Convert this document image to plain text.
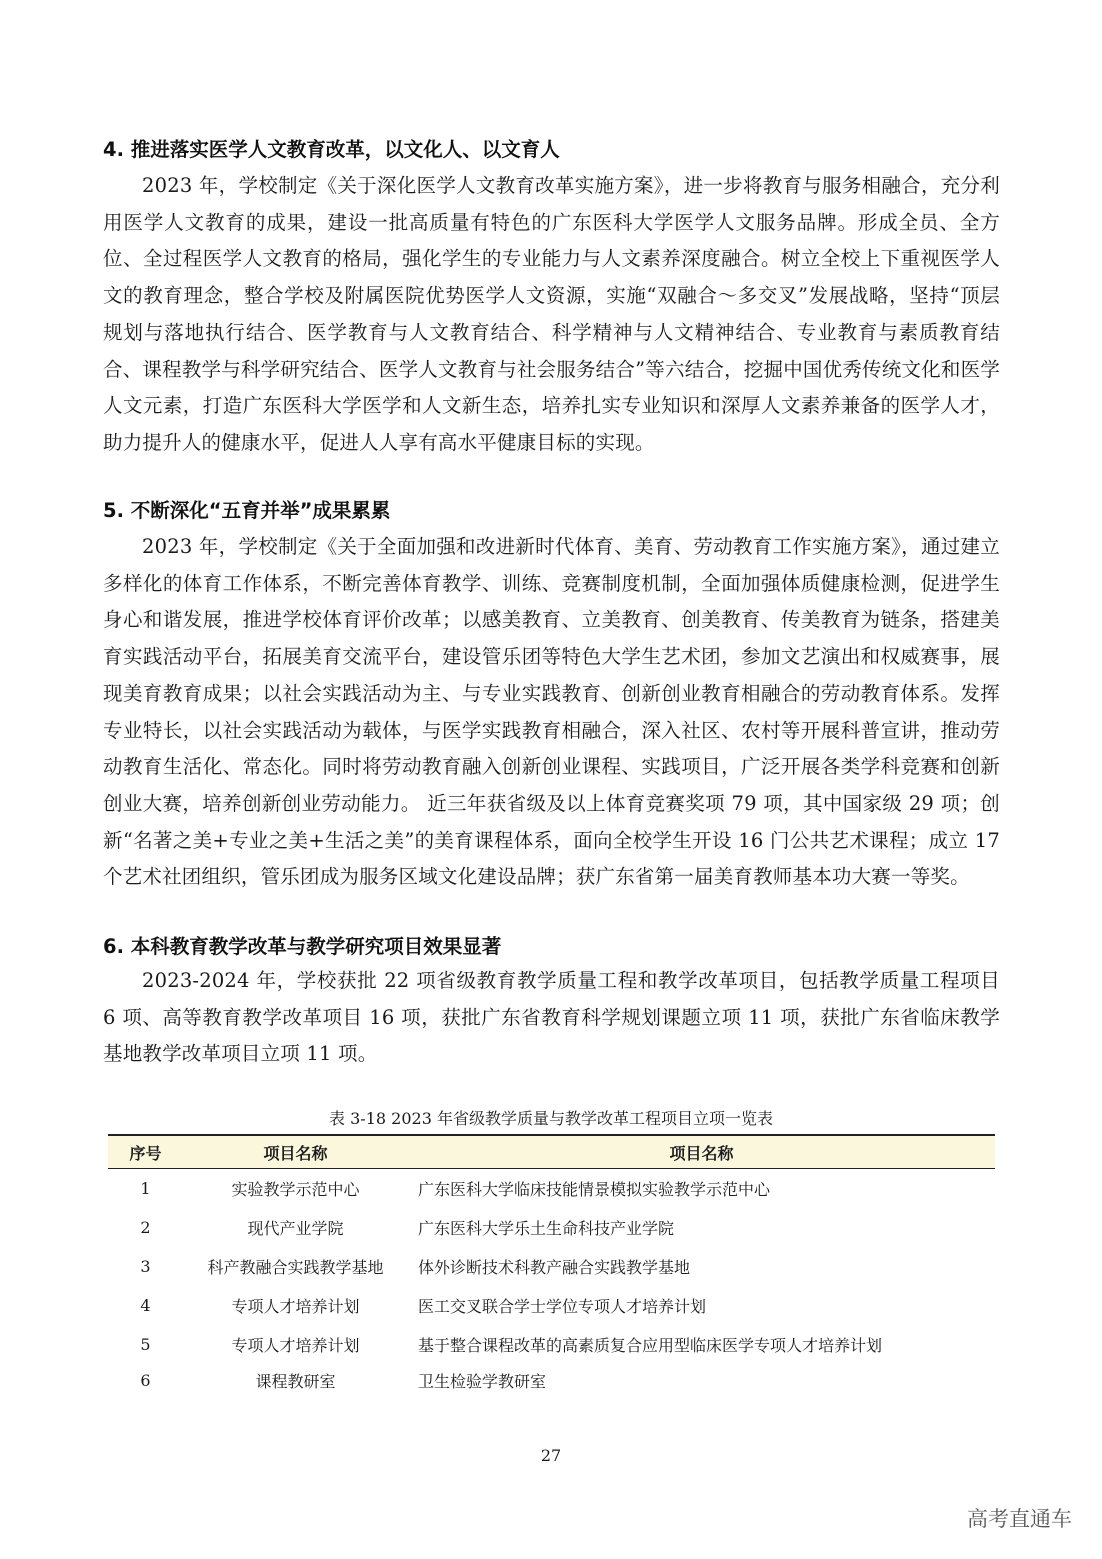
4. 推进落实医学人文教育改革，以文化人、以文育人
2023 年，学校制定《关于深化医学人文教育改革实施方案》，进一步将教育与服务相融合，充分利用医学人文教育的成果，建设一批高质量有特色的广东医科大学医学人文服务品牌。形成全员、全方位、全过程医学人文教育的格局，强化学生的专业能力与人文素养深度融合。树立全校上下重视医学人文的教育理念，整合学校及附属医院优势医学人文资源，实施“双融合～多交叉”发展战略，坚持“顶层规划与落地执行结合、医学教育与人文教育结合、科学精神与人文精神结合、专业教育与素质教育结合、课程教学与科学研究结合、医学人文教育与社会服务结合”等六结合，挖掘中国优秀传统文化和医学人文元素，打造广东医科大学医学和人文新生态，培养扎实专业知识和深厚人文素养兼备的医学人才，助力提升人的健康水平，促进人人享有高水平健康目标的实现。
5. 不断深化“五育并举”成果累累
2023 年，学校制定《关于全面加强和改进新时代体育、美育、劳动教育工作实施方案》，通过建立多样化的体育工作体系，不断完善体育教学、训练、竞赛制度机制，全面加强体质健康检测，促进学生身心和谐发展，推进学校体育评价改革；以感美教育、立美教育、创美教育、传美教育为链条，搭建美育实践活动平台，拓展美育交流平台，建设管乐团等特色大学生艺术团，参加文艺演出和权威赛事，展现美育教育成果；以社会实践活动为主、与专业实践教育、创新创业教育相融合的劳动教育体系。发挥专业特长，以社会实践活动为载体，与医学实践教育相融合，深入社区、农村等开展科普宣讲，推动劳动教育生活化、常态化。同时将劳动教育融入创新创业课程、实践项目，广泛开展各类学科竞赛和创新创业大赛，培养创新创业劳动能力。 近三年获省级及以上体育竞赛奖项 79 项，其中国家级 29 项；创新“名著之美+专业之美+生活之美”的美育课程体系，面向全校学生开设 16 门公共艺术课程；成立 17 个艺术社团组织，管乐团成为服务区域文化建设品牌；获广东省第一届美育教师基本功大赛一等奖。
6. 本科教育教学改革与教学研究项目效果显著
2023-2024 年，学校获批 22 项省级教育教学质量工程和教学改革项目，包括教学质量工程项目 6 项、高等教育教学改革项目 16 项，获批广东省教育科学规划课题立项 11 项，获批广东省临床教学基地教学改革项目立项 11 项。
表 3-18 2023 年省级教学质量与教学改革工程项目立项一览表
序号	项目名称	项目名称
1	实验教学示范中心	广东医科大学临床技能情景模拟实验教学示范中心
2	现代产业学院	广东医科大学乐土生命科技产业学院
3	科产教融合实践教学基地	体外诊断技术科教产融合实践教学基地
4	专项人才培养计划	医工交叉联合学士学位专项人才培养计划
5	专项人才培养计划	基于整合课程改革的高素质复合应用型临床医学专项人才培养计划
6	课程教研室	卫生检验学教研室
27
高考直通车
